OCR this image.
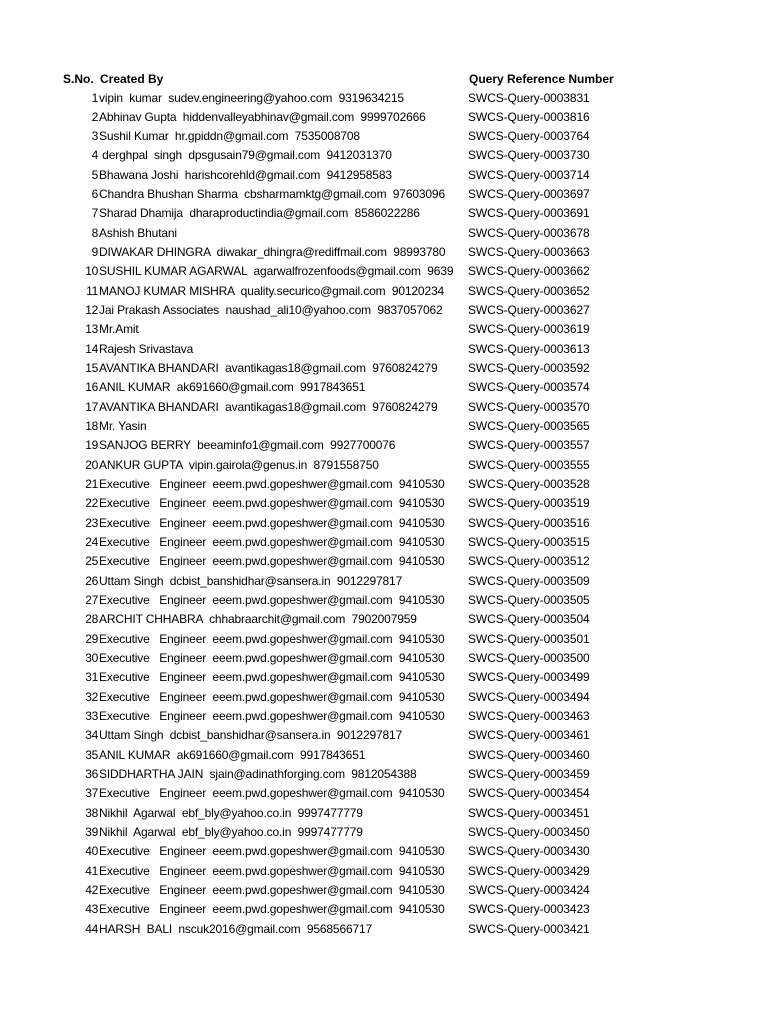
S.No. Created By	Query Reference Number
1 vipin  kumar  sudev.engineering@yahoo.com  9319634215	SWCS-Query-0003831
2 Abhinav Gupta  hiddenvalleyabhinav@gmail.com  9999702666	SWCS-Query-0003816
3 Sushil Kumar  hr.gpiddn@gmail.com  7535008708	SWCS-Query-0003764
4 derghpal  singh  dpsgusain79@gmail.com  9412031370	SWCS-Query-0003730
5 Bhawana Joshi  harishcorehld@gmail.com  9412958583	SWCS-Query-0003714
6 Chandra Bhushan Sharma  cbsharmamktg@gmail.com  97603096	SWCS-Query-0003697
7 Sharad Dhamija  dharaproductindia@gmail.com  8586022286	SWCS-Query-0003691
8 Ashish Bhutani	SWCS-Query-0003678
9 DIWAKAR DHINGRA  diwakar_dhingra@rediffmail.com  98993780	SWCS-Query-0003663
10 SUSHIL KUMAR AGARWAL  agarwalfrozenfoods@gmail.com  9639	SWCS-Query-0003662
11 MANOJ KUMAR MISHRA  quality.securico@gmail.com  90120234	SWCS-Query-0003652
12 Jai Prakash Associates  naushad_ali10@yahoo.com  9837057062	SWCS-Query-0003627
13 Mr.Amit	SWCS-Query-0003619
14 Rajesh Srivastava	SWCS-Query-0003613
15 AVANTIKA BHANDARI  avantikagas18@gmail.com  9760824279	SWCS-Query-0003592
16 ANIL KUMAR  ak691660@gmail.com  9917843651	SWCS-Query-0003574
17 AVANTIKA BHANDARI  avantikagas18@gmail.com  9760824279	SWCS-Query-0003570
18 Mr. Yasin	SWCS-Query-0003565
19 SANJOG BERRY  beeaminfo1@gmail.com  9927700076	SWCS-Query-0003557
20 ANKUR GUPTA  vipin.gairola@genus.in  8791558750	SWCS-Query-0003555
21 Executive   Engineer  eeem.pwd.gopeshwer@gmail.com  9410530	SWCS-Query-0003528
22 Executive   Engineer  eeem.pwd.gopeshwer@gmail.com  9410530	SWCS-Query-0003519
23 Executive   Engineer  eeem.pwd.gopeshwer@gmail.com  9410530	SWCS-Query-0003516
24 Executive   Engineer  eeem.pwd.gopeshwer@gmail.com  9410530	SWCS-Query-0003515
25 Executive   Engineer  eeem.pwd.gopeshwer@gmail.com  9410530	SWCS-Query-0003512
26 Uttam Singh  dcbist_banshidhar@sansera.in  9012297817	SWCS-Query-0003509
27 Executive   Engineer  eeem.pwd.gopeshwer@gmail.com  9410530	SWCS-Query-0003505
28 ARCHIT CHHABRA  chhabraarchit@gmail.com  7902007959	SWCS-Query-0003504
29 Executive   Engineer  eeem.pwd.gopeshwer@gmail.com  9410530	SWCS-Query-0003501
30 Executive   Engineer  eeem.pwd.gopeshwer@gmail.com  9410530	SWCS-Query-0003500
31 Executive   Engineer  eeem.pwd.gopeshwer@gmail.com  9410530	SWCS-Query-0003499
32 Executive   Engineer  eeem.pwd.gopeshwer@gmail.com  9410530	SWCS-Query-0003494
33 Executive   Engineer  eeem.pwd.gopeshwer@gmail.com  9410530	SWCS-Query-0003463
34 Uttam Singh  dcbist_banshidhar@sansera.in  9012297817	SWCS-Query-0003461
35 ANIL KUMAR  ak691660@gmail.com  9917843651	SWCS-Query-0003460
36 SIDDHARTHA JAIN  sjain@adinathforging.com  9812054388	SWCS-Query-0003459
37 Executive   Engineer  eeem.pwd.gopeshwer@gmail.com  9410530	SWCS-Query-0003454
38 Nikhil  Agarwal  ebf_bly@yahoo.co.in  9997477779	SWCS-Query-0003451
39 Nikhil  Agarwal  ebf_bly@yahoo.co.in  9997477779	SWCS-Query-0003450
40 Executive   Engineer  eeem.pwd.gopeshwer@gmail.com  9410530	SWCS-Query-0003430
41 Executive   Engineer  eeem.pwd.gopeshwer@gmail.com  9410530	SWCS-Query-0003429
42 Executive   Engineer  eeem.pwd.gopeshwer@gmail.com  9410530	SWCS-Query-0003424
43 Executive   Engineer  eeem.pwd.gopeshwer@gmail.com  9410530	SWCS-Query-0003423
44 HARSH  BALI  nscuk2016@gmail.com  9568566717	SWCS-Query-0003421
